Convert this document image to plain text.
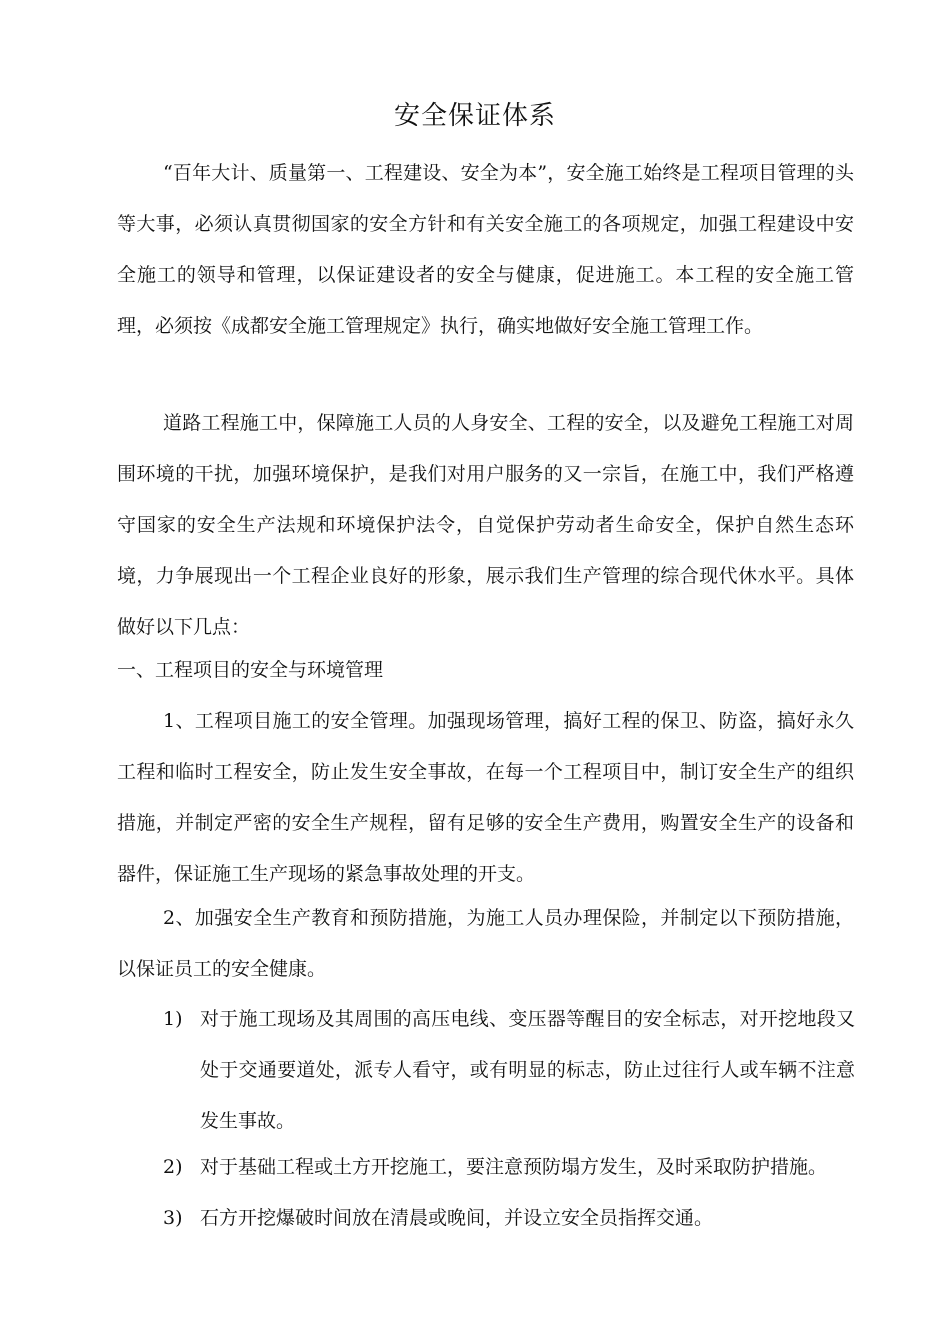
安全保证体系

“百年大计、质量第一、工程建设、安全为本”，安全施工始终是工程项目管理的头等大事，必须认真贯彻国家的安全方针和有关安全施工的各项规定，加强工程建设中安全施工的领导和管理，以保证建设者的安全与健康，促进施工。本工程的安全施工管理，必须按《成都安全施工管理规定》执行，确实地做好安全施工管理工作。

道路工程施工中，保障施工人员的人身安全、工程的安全，以及避免工程施工对周围环境的干扰，加强环境保护，是我们对用户服务的又一宗旨，在施工中，我们严格遵守国家的安全生产法规和环境保护法令，自觉保护劳动者生命安全，保护自然生态环境，力争展现出一个工程企业良好的形象，展示我们生产管理的综合现代休水平。具体做好以下几点：

一、工程项目的安全与环境管理

1、工程项目施工的安全管理。加强现场管理，搞好工程的保卫、防盗，搞好永久工程和临时工程安全，防止发生安全事故，在每一个工程项目中，制订安全生产的组织措施，并制定严密的安全生产规程，留有足够的安全生产费用，购置安全生产的设备和器件，保证施工生产现场的紧急事故处理的开支。

2、加强安全生产教育和预防措施，为施工人员办理保险，并制定以下预防措施，以保证员工的安全健康。

1) 对于施工现场及其周围的高压电线、变压器等醒目的安全标志，对开挖地段又处于交通要道处，派专人看守，或有明显的标志，防止过往行人或车辆不注意发生事故。
2) 对于基础工程或土方开挖施工，要注意预防塌方发生，及时采取防护措施。
3) 石方开挖爆破时间放在清晨或晚间，并设立安全员指挥交通。
